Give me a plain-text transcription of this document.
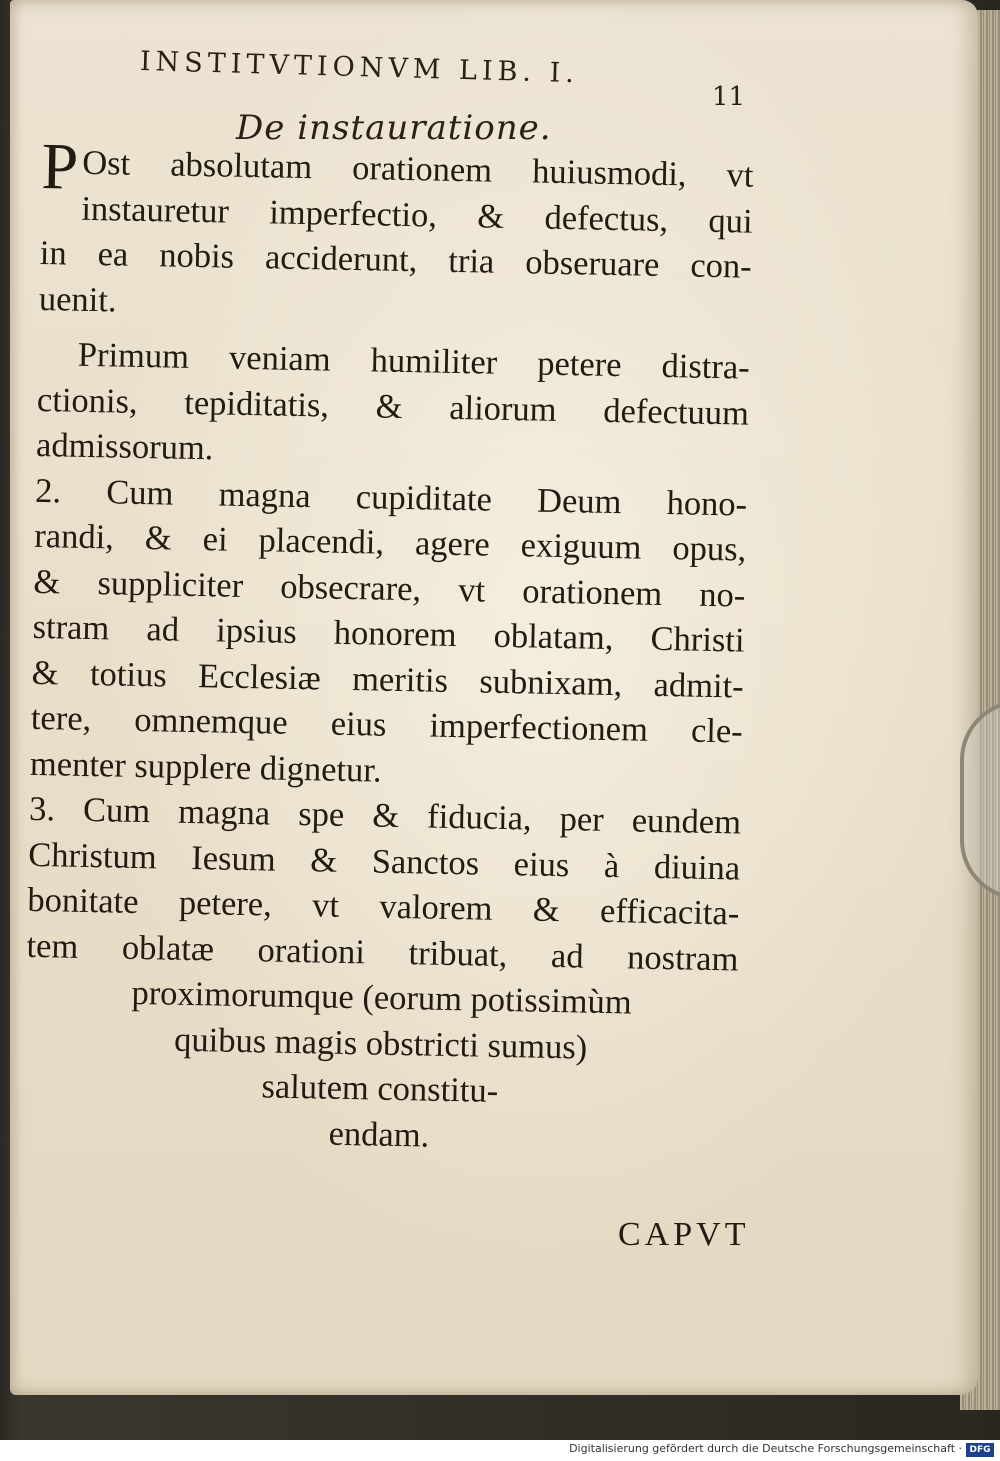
INSTITVTIONVM LIB. I.
11
De instauratione.
P Ost absolutam orationem huiusmodi, vt
instauretur imperfectio, & defectus, qui
in ea nobis acciderunt, tria obseruare con-
uenit.
Primum veniam humiliter petere distra-
ctionis, tepiditatis, & aliorum defectuum
admissorum.
2. Cum magna cupiditate Deum hono-
randi, & ei placendi, agere exiguum opus,
& suppliciter obsecrare, vt orationem no-
stram ad ipsius honorem oblatam, Christi
& totius Ecclesiæ meritis subnixam, admit-
tere, omnemque eius imperfectionem cle-
menter supplere dignetur.
3. Cum magna spe & fiducia, per eundem
Christum Iesum & Sanctos eius à diuina
bonitate petere, vt valorem & efficacita-
tem oblatæ orationi tribuat, ad nostram
proximorumque (eorum potissimùm
quibus magis obstricti sumus)
salutem constitu-
endam.
CAPVT
Digitalisierung gefördert durch die Deutsche Forschungsgemeinschaft · DFG
